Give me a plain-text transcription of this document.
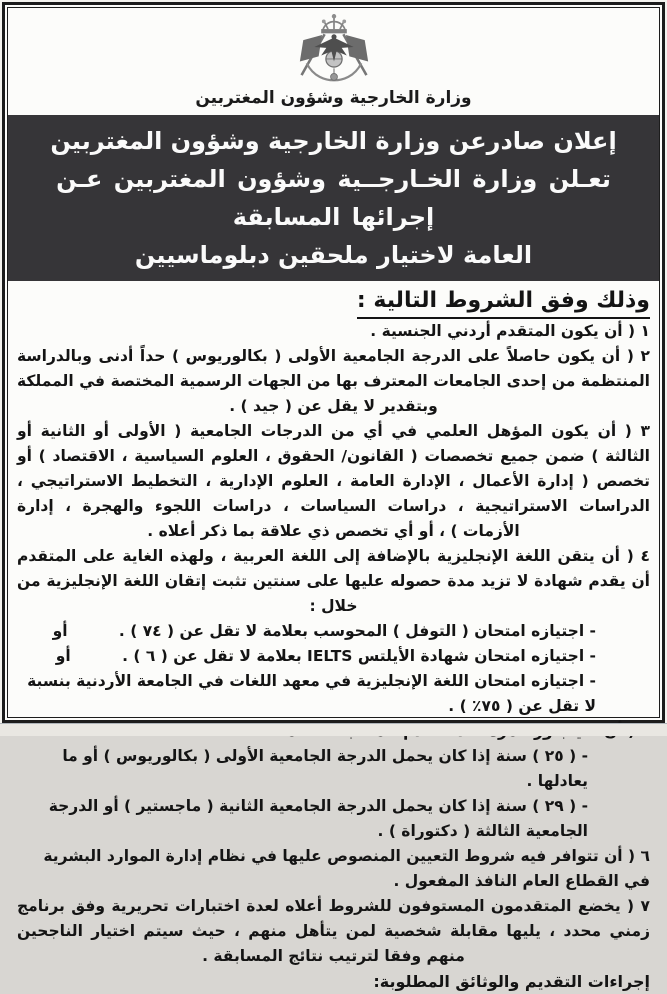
وزارة الخارجية وشؤون المغتربين
إعلان صادرعن وزارة الخارجية وشؤون المغتربين
تعـلن وزارة الخـارجــية وشؤون المغتربين عـن إجرائها المسابقة
العامة لاختيار ملحقين دبلوماسيين
وذلك وفق الشروط التالية :
١ ) أن يكون المتقدم أردني الجنسية .
٢ ) أن يكون حاصلاً على الدرجة الجامعية الأولى ( بكالوريوس ) حداً أدنى وبالدراسة المنتظمة من إحدى الجامعات المعترف بها من الجهات الرسمية المختصة في المملكة وبتقدير لا يقل عن ( جيد ) .
٣ ) أن يكون المؤهل العلمي في أي من الدرجات الجامعية ( الأولى أو الثانية أو الثالثة ) ضمن جميع تخصصات ( القانون/ الحقوق ، العلوم السياسية ، الاقتصاد ) أو تخصص ( إدارة الأعمال ، الإدارة العامة ، العلوم الإدارية ، التخطيط الاستراتيجي ، الدراسات الاستراتيجية ، دراسات السياسات ، دراسات اللجوء والهجرة ، إدارة الأزمات ) ، أو أي تخصص ذي علاقة بما ذكر أعلاه .
٤ ) أن يتقن اللغة الإنجليزية بالإضافة إلى اللغة العربية ، ولهذه الغاية على المتقدم أن يقدم شهادة لا تزيد مدة حصوله عليها على سنتين تثبت إتقان اللغة الإنجليزية من خلال :
- اجتيازه امتحان ( التوفل ) المحوسب بعلامة لا تقل عن ( ٧٤ ) . أو
- اجتيازه امتحان شهادة الأيلتس IELTS بعلامة لا تقل عن ( ٦ ) . أو
- اجتيازه امتحان اللغة الإنجليزية في معهد اللغات في الجامعة الأردنية بنسبة لا تقل عن ( ٧٥٪ ) .
- ( ٢٥ ) سنة إذا كان يحمل الدرجة الجامعية الأولى ( بكالوريوس ) أو ما يعادلها .
- ( ٢٩ ) سنة إذا كان يحمل الدرجة الجامعية الثانية ( ماجستير ) أو الدرجة الجامعية الثالثة ( دكتوراة ) .
٦ ) أن تتوافر فيه شروط التعيين المنصوص عليها في نظام إدارة الموارد البشرية في القطاع العام النافذ المفعول .
٧ ) يخضع المتقدمون المستوفون للشروط أعلاه لعدة اختبارات تحريرية وفق برنامج زمني محدد ، يليها مقابلة شخصية لمن يتأهل منهم ، حيث سيتم اختيار الناجحين منهم وفقا لترتيب نتائج المسابقة .
إجراءات التقديم والوثائق المطلوبة:
